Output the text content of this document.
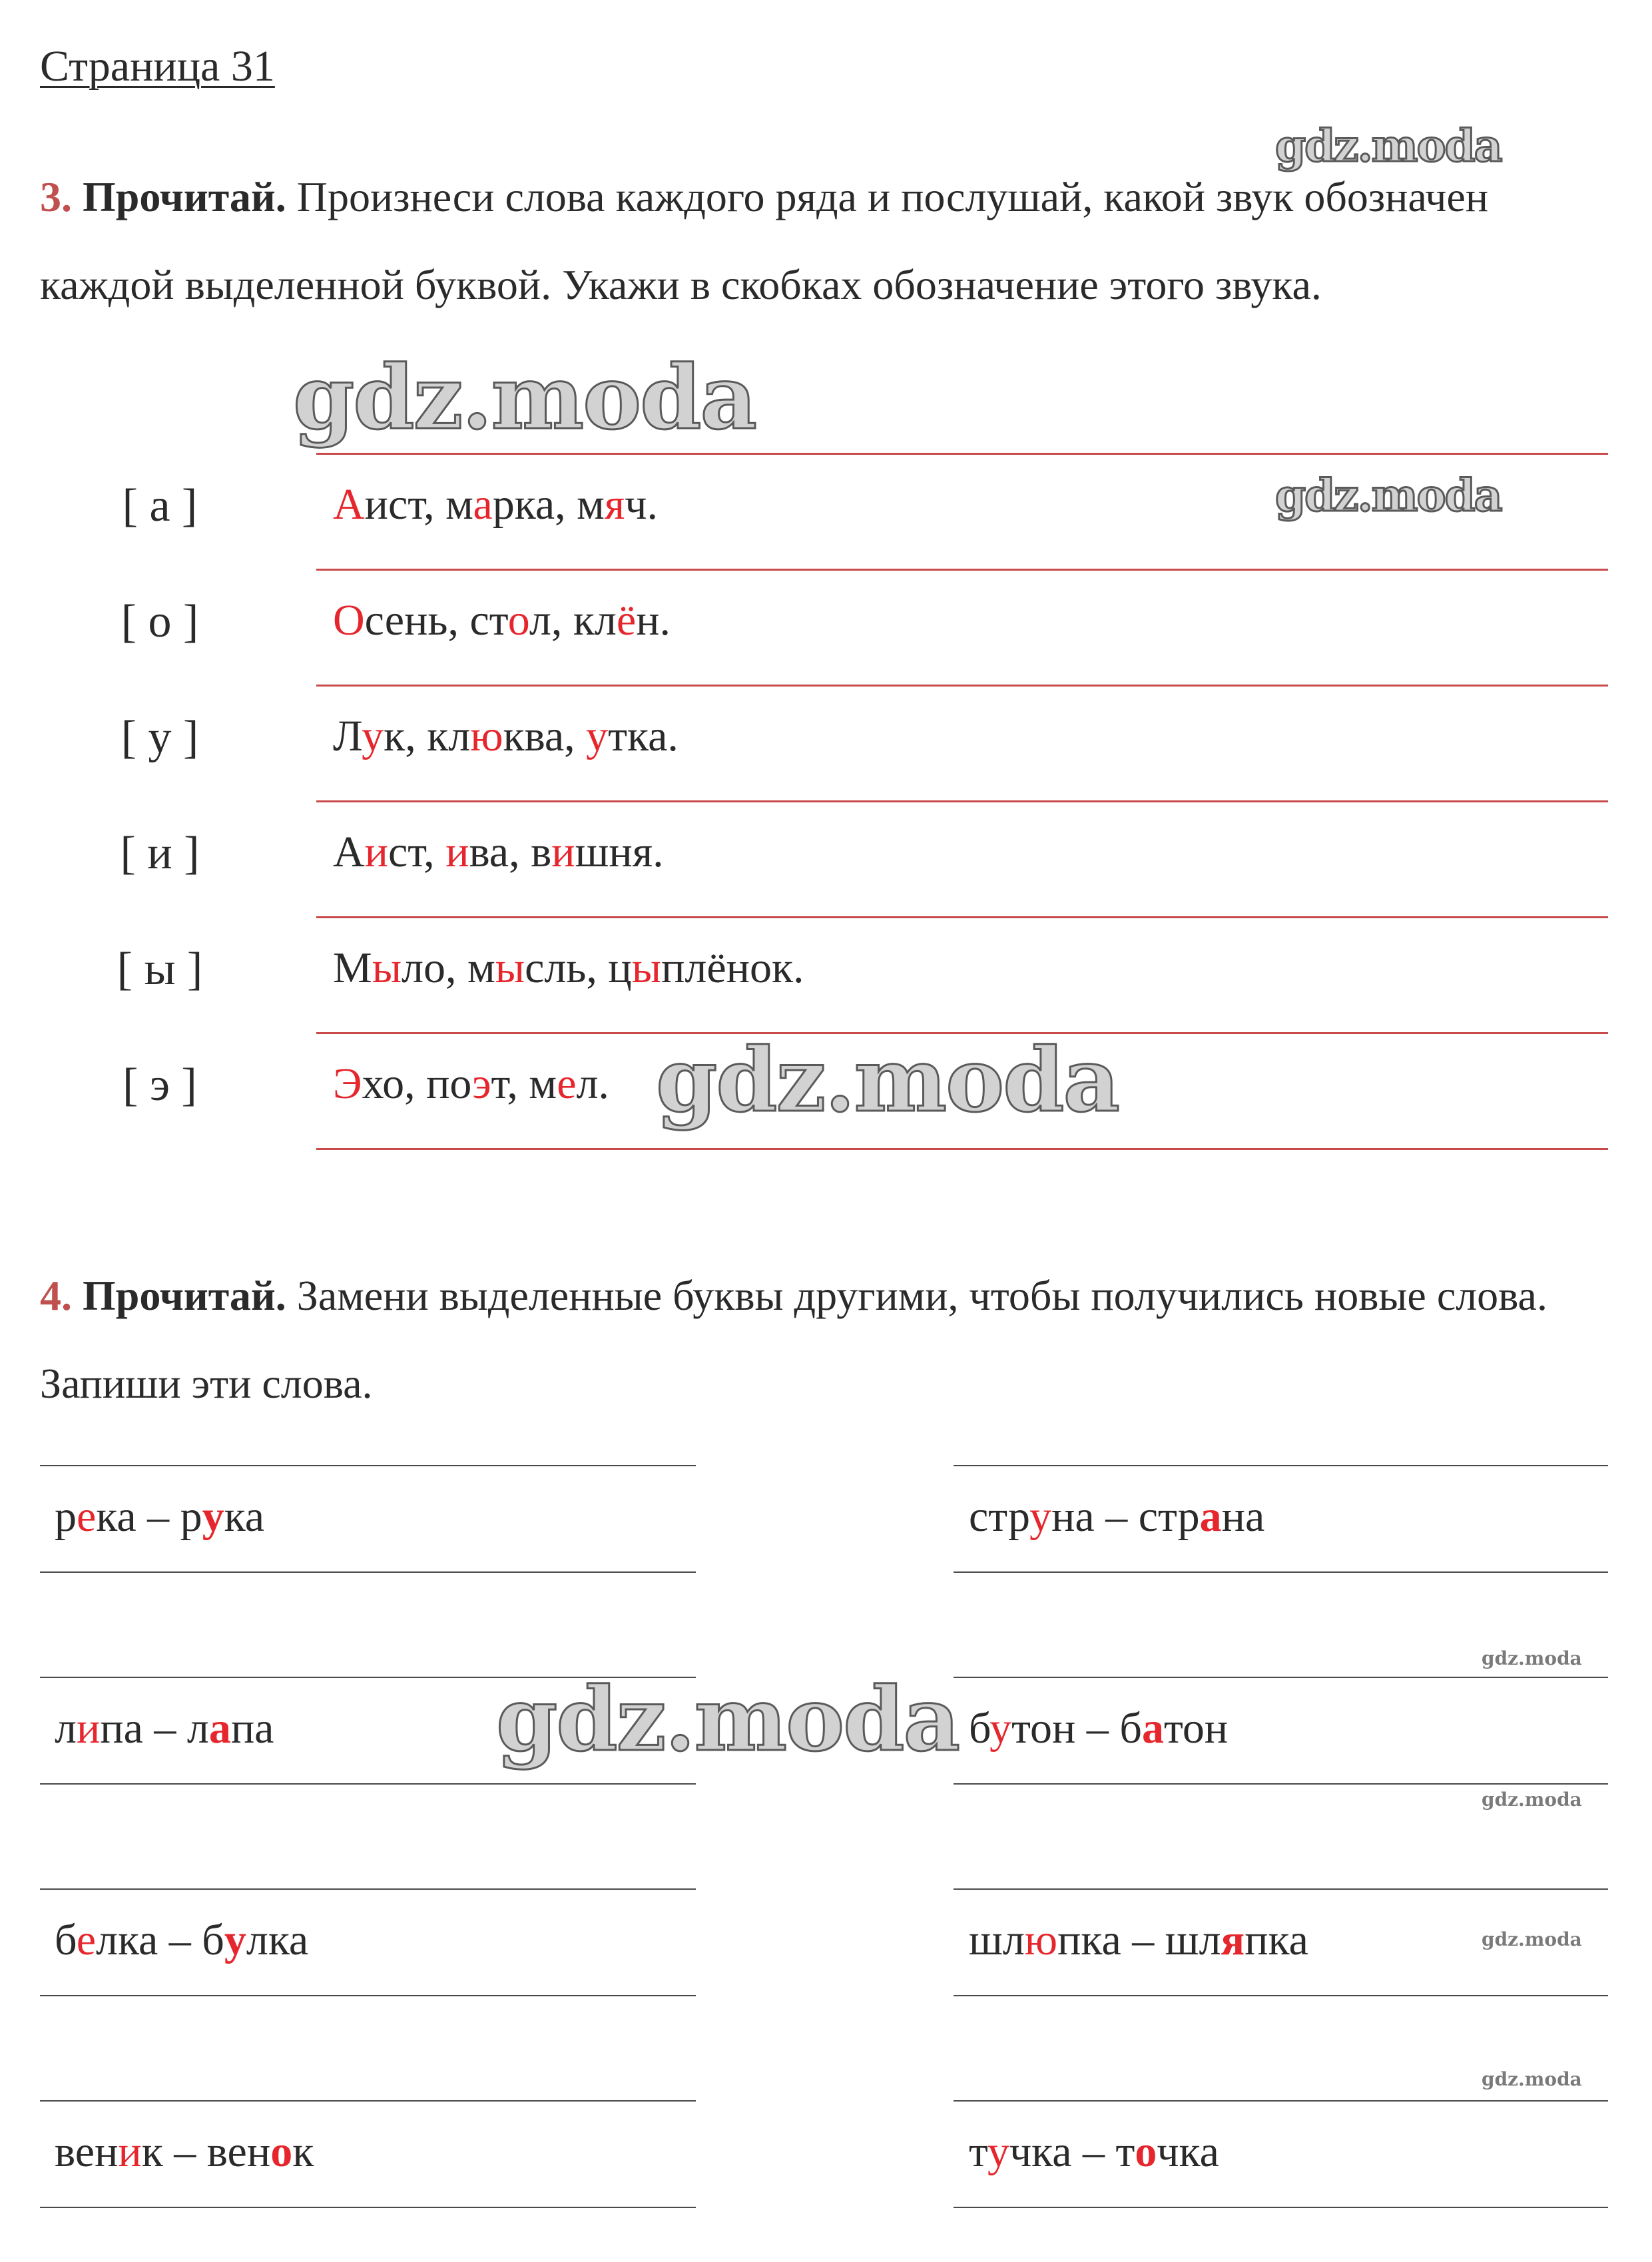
Страница 31
3. Прочитай. Произнеси слова каждого ряда и послушай, какой звук обозначен каждой выделенной буквой. Укажи в скобках обозначение этого звука.
[ а ]	Аист, марка, мяч.
[ о ]	Осень, стол, клён.
[ у ]	Лук, клюква, утка.
[ и ]	Аист, ива, вишня.
[ ы ]	Мыло, мысль, цыплёнок.
[ э ]	Эхо, поэт, мел.
4. Прочитай. Замени выделенные буквы другими, чтобы получились новые слова. Запиши эти слова.
река – рука
липа – лапа
белка – булка
веник – венок
струна – страна
бутон – батон
шлюпка – шляпка
тучка – точка
gdz.moda
gdz.moda
gdz.moda
gdz.moda
gdz.moda
gdz.moda
gdz.moda
gdz.moda
gdz.moda
